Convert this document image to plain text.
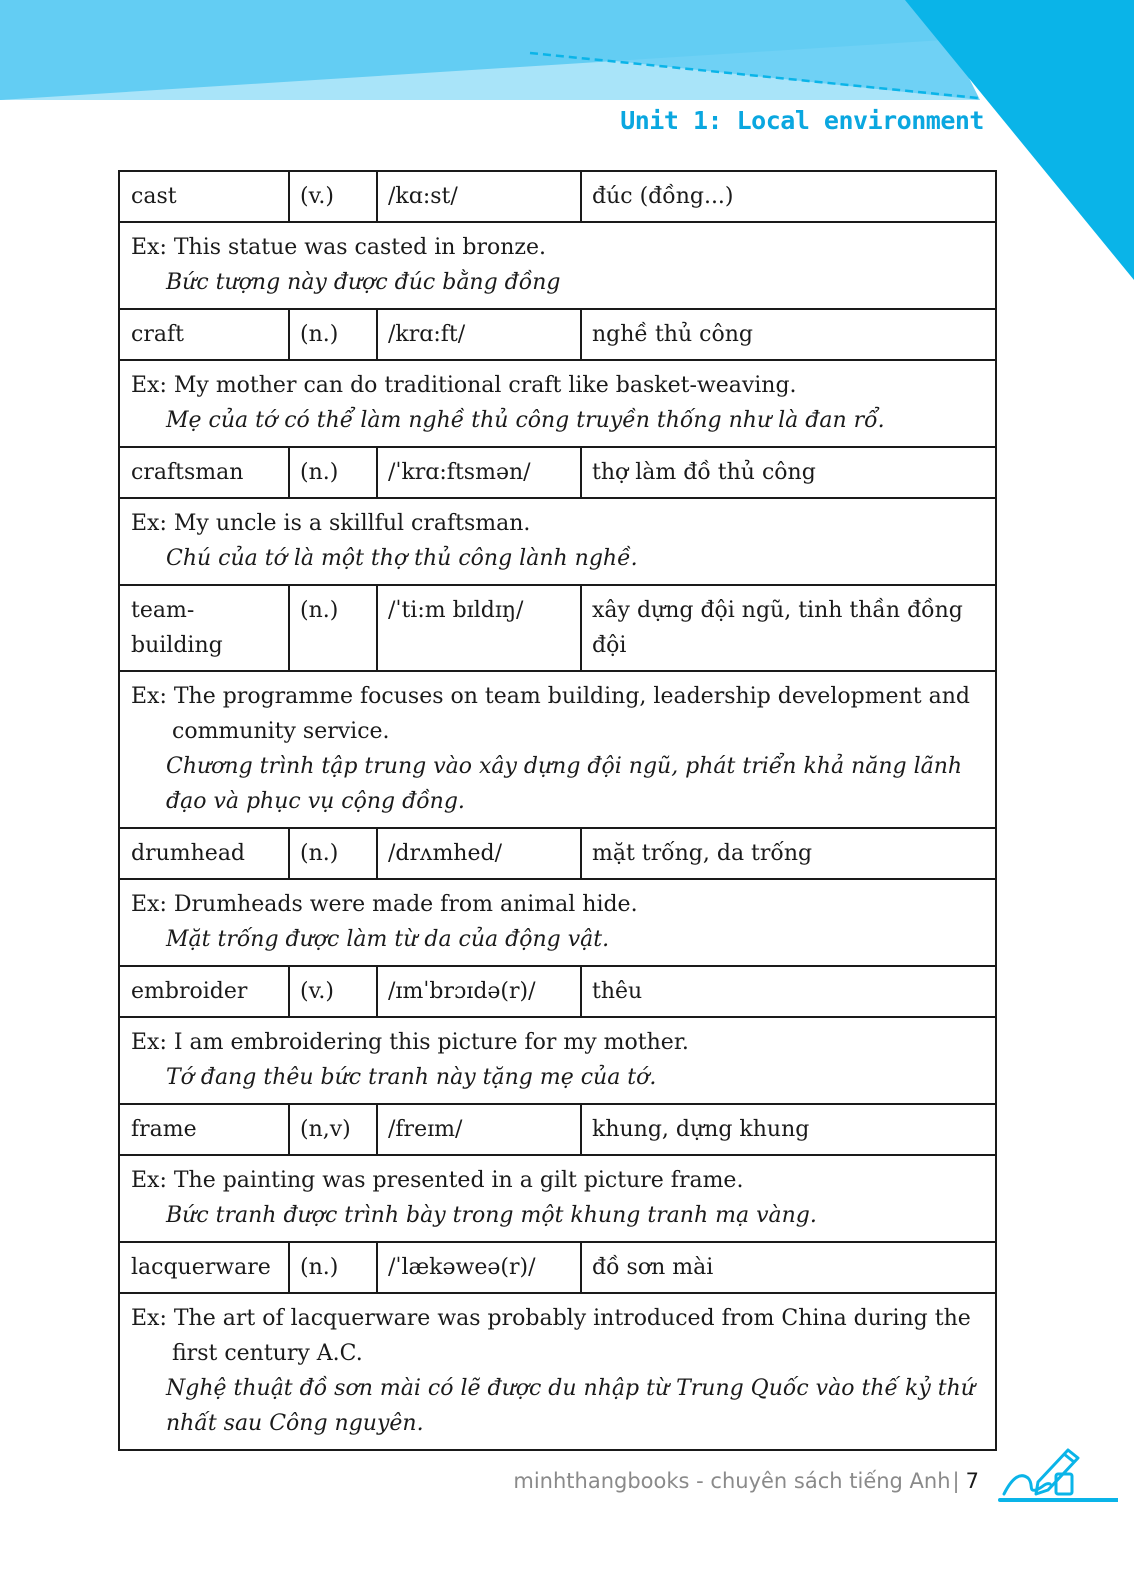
Unit 1: Local environment
cast	(v.)	/kɑ:st/	đúc (đồng...)

Ex: This statue was casted in bronze.
Bức tượng này được đúc bằng đồng			

craft	(n.)	/krɑ:ft/	nghề thủ công

Ex: My mother can do traditional craft like basket-weaving.
Mẹ của tớ có thể làm nghề thủ công truyền thống như là đan rổ.			

craftsman	(n.)	/ˈkrɑ:ftsmən/	thợ làm đồ thủ công

Ex: My uncle is a skillful craftsman.
Chú của tớ là một thợ thủ công lành nghề.			

team-building	(n.)	/ˈti:m bɪldɪŋ/	xây dựng đội ngũ, tinh thần đồng đội

Ex: The programme focuses on team building, leadership development and community service.
Chương trình tập trung vào xây dựng đội ngũ, phát triển khả năng lãnh đạo và phục vụ cộng đồng.			

drumhead	(n.)	/drʌmhed/	mặt trống, da trống

Ex: Drumheads were made from animal hide.
Mặt trống được làm từ da của động vật.			

embroider	(v.)	/ɪmˈbrɔɪdə(r)/	thêu

Ex: I am embroidering this picture for my mother.
Tớ đang thêu bức tranh này tặng mẹ của tớ.			

frame	(n,v)	/freɪm/	khung, dựng khung

Ex: The painting was presented in a gilt picture frame.
Bức tranh được trình bày trong một khung tranh mạ vàng.			

lacquerware	(n.)	/ˈlækəweə(r)/	đồ sơn mài

Ex: The art of lacquerware was probably introduced from China during the first century A.C.
Nghệ thuật đồ sơn mài có lẽ được du nhập từ Trung Quốc vào thế kỷ thứ nhất sau Công nguyên.			
minhthangbooks - chuyên sách tiếng Anh| 7
